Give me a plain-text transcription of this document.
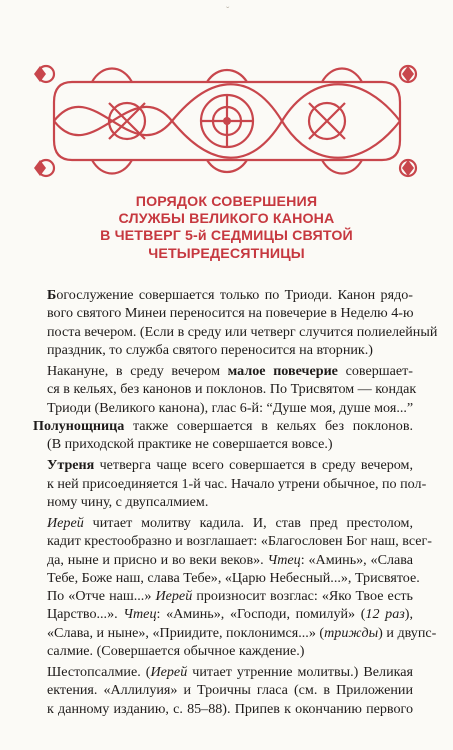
ˇ
ПОРЯДОК СОВЕРШЕНИЯ
СЛУЖБЫ ВЕЛИКОГО КАНОНА
В ЧЕТВЕРГ 5-й СЕДМИЦЫ СВЯТОЙ
ЧЕТЫРЕДЕСЯТНИЦЫ

Богослужение совершается только по Триоди. Канон рядо-
вого святого Минеи переносится на повечерие в Неделю 4-ю
поста вечером. (Если в среду или четверг случится полиелейный
праздник, то служба святого переносится на вторник.)

Накануне, в среду вечером малое повечерие совершает-
ся в кельях, без канонов и поклонов. По Трисвятом — кондак
Триоди (Великого канона), глас 6-й: “Душе моя, душе моя...”
Полунощница также совершается в кельях без поклонов.
(В приходской практике не совершается вовсе.)

Утреня четверга чаще всего совершается в среду вечером,
к ней присоединяется 1-й час. Начало утрени обычное, по пол-
ному чину, с двупсалмием.

Иерей читает молитву кадила. И, став пред престолом,
кадит крестообразно и возглашает: «Благословен Бог наш, всег-
да, ныне и присно и во веки веков». Чтец: «Аминь», «Слава
Тебе, Боже наш, слава Тебе», «Царю Небесный...», Трисвятое.
По «Отче наш...» Иерей произносит возглас: «Яко Твое есть
Царство...». Чтец: «Аминь», «Господи, помилуй» (12 раз),
«Слава, и ныне», «Приидите, поклонимся...» (трижды) и двупс-
салмие. (Совершается обычное каждение.)

Шестопсалмие. (Иерей читает утренние молитвы.) Великая
ектения. «Аллилуия» и Троичны гласа (см. в Приложении
к данному изданию, с. 85–88). Припев к окончанию первого
